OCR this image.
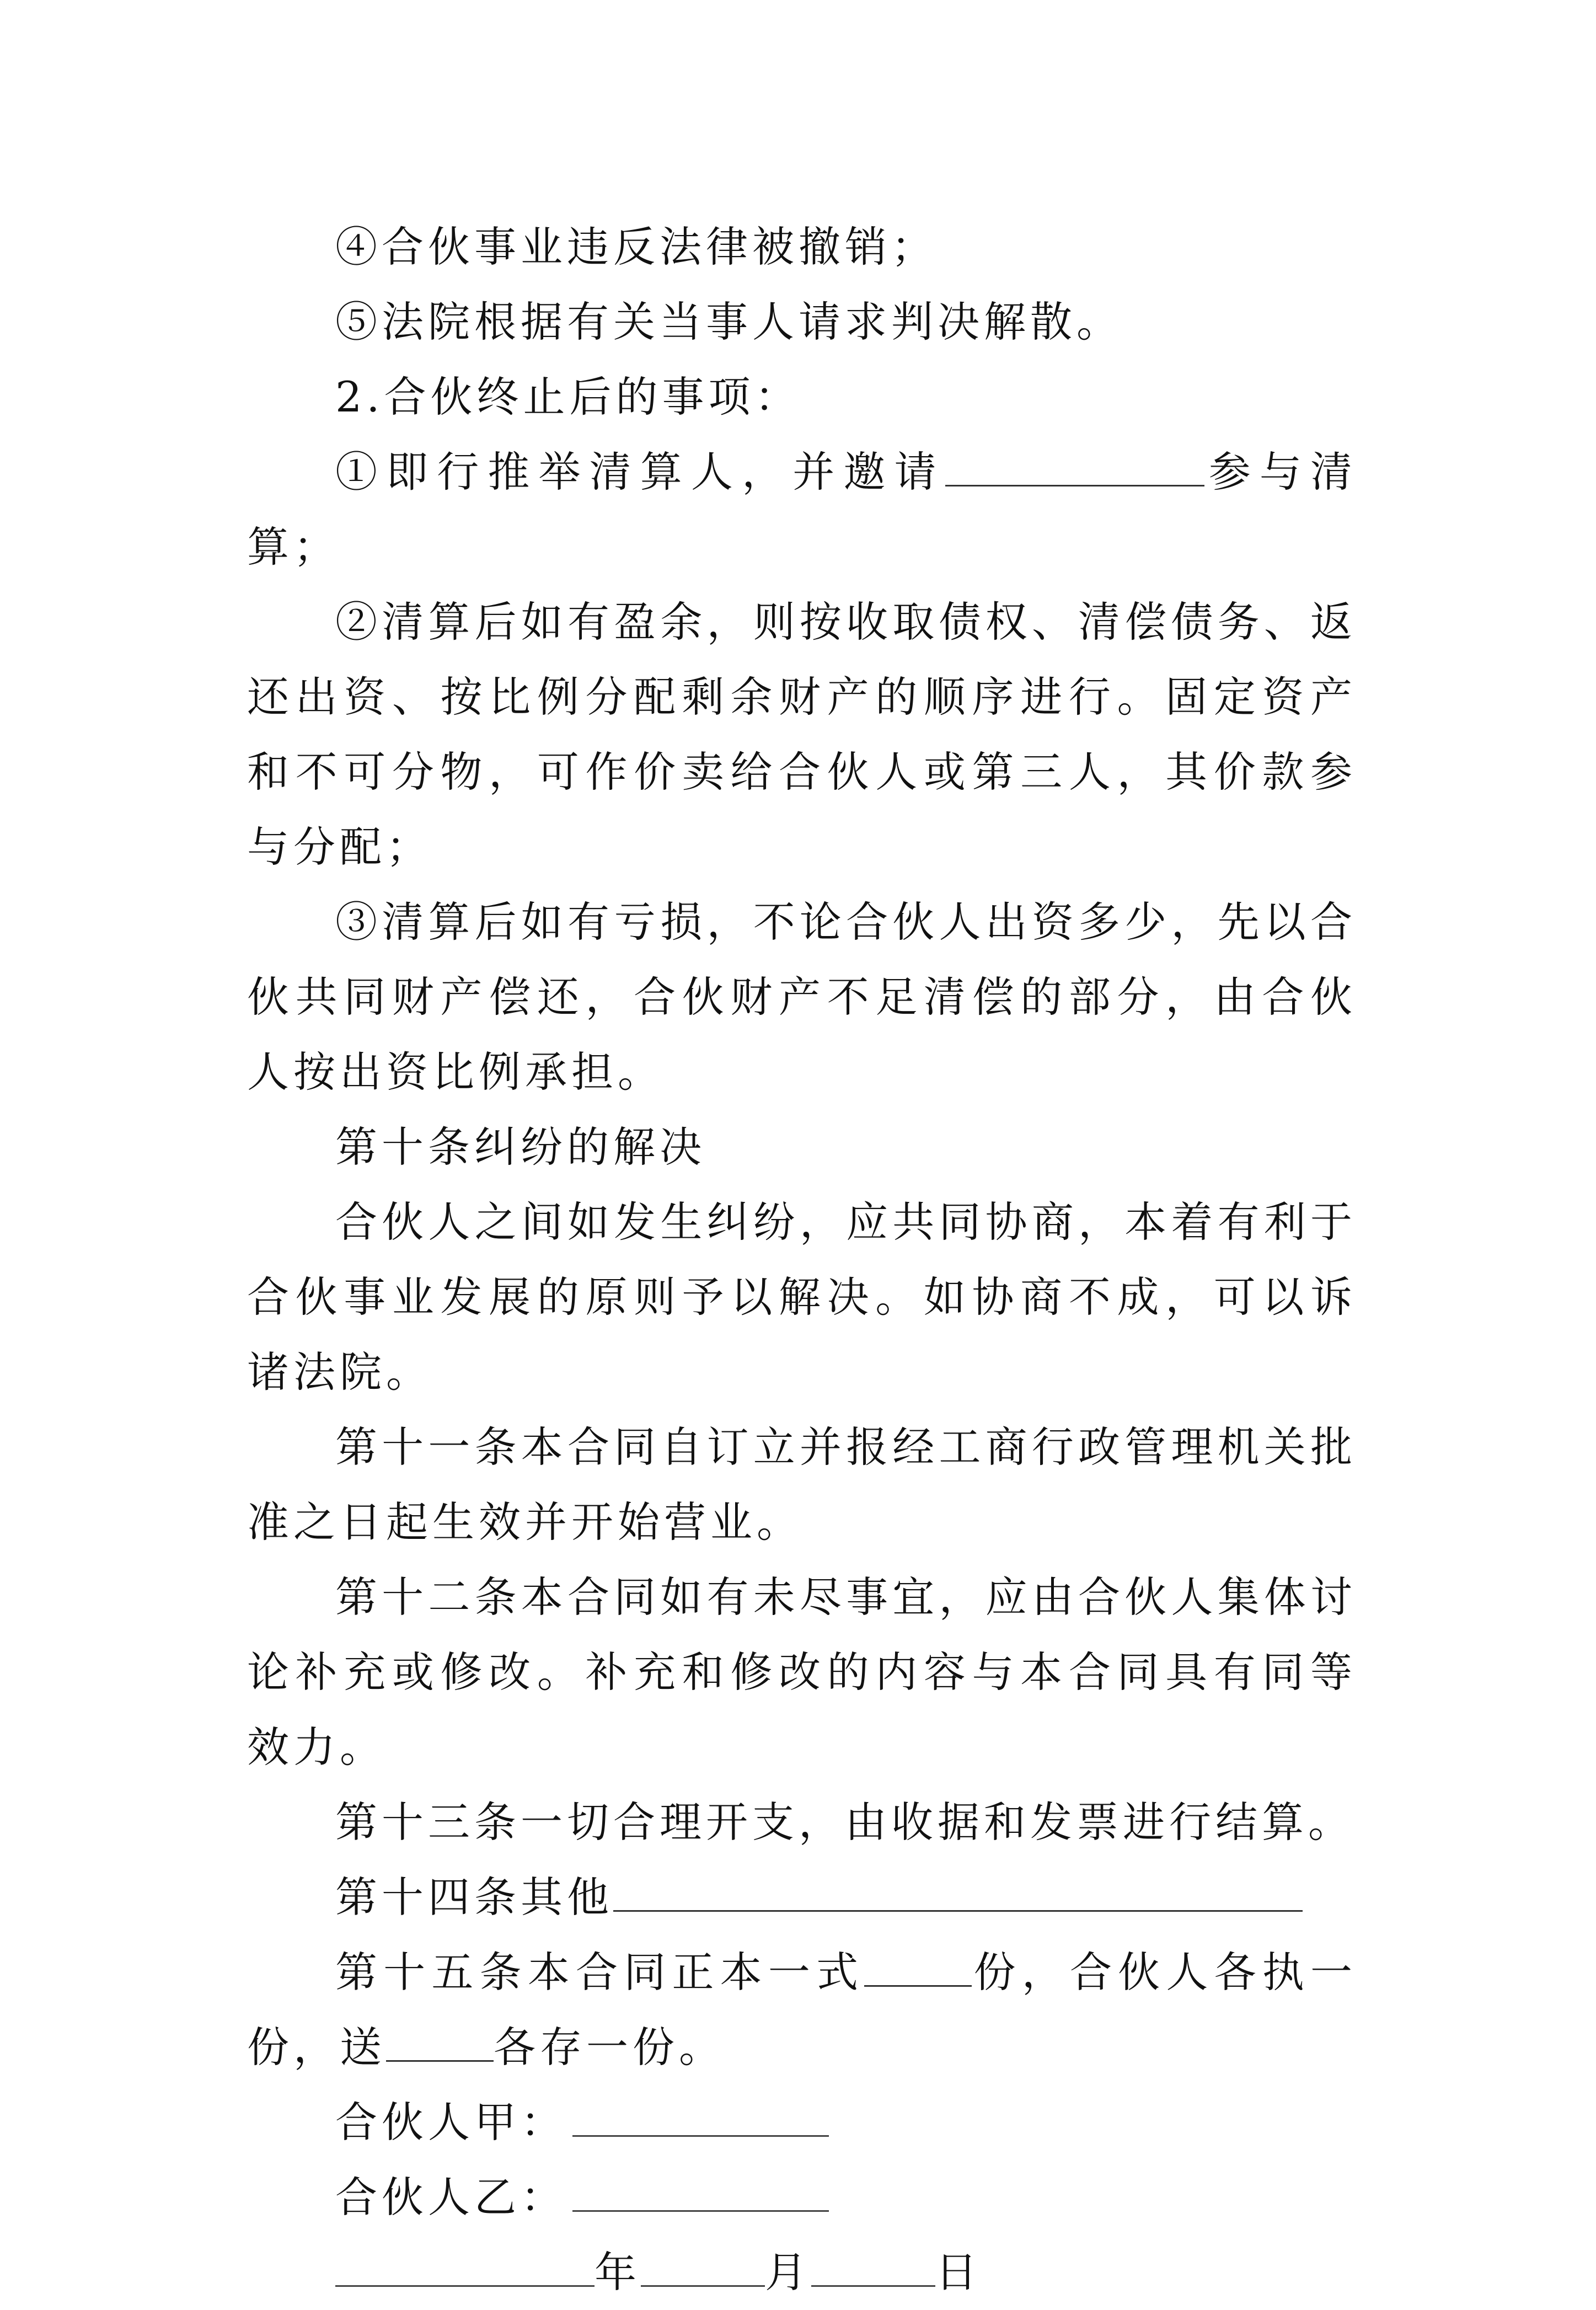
④合伙事业违反法律被撤销；

⑤法院根据有关当事人请求判决解散。

2.合伙终止后的事项：

①即行推举清算人，并邀请	参与清算；

②清算后如有盈余，则按收取债权、清偿债务、返还出资、按比例分配剩余财产的顺序进行。固定资产和不可分物，可作价卖给合伙人或第三人，其价款参与分配；

③清算后如有亏损，不论合伙人出资多少，先以合伙共同财产偿还，合伙财产不足清偿的部分，由合伙人按出资比例承担。

第十条纠纷的解决

合伙人之间如发生纠纷，应共同协商，本着有利于合伙事业发展的原则予以解决。如协商不成，可以诉诸法院。

第十一条本合同自订立并报经工商行政管理机关批准之日起生效并开始营业。

第十二条本合同如有未尽事宜，应由合伙人集体讨论补充或修改。补充和修改的内容与本合同具有同等效力。

第十三条一切合理开支，由收据和发票进行结算。

第十四条其他

第十五条本合同正本一式	份，合伙人各执一份，送	各存一份。

合伙人甲：

合伙人乙：

年	月	日
